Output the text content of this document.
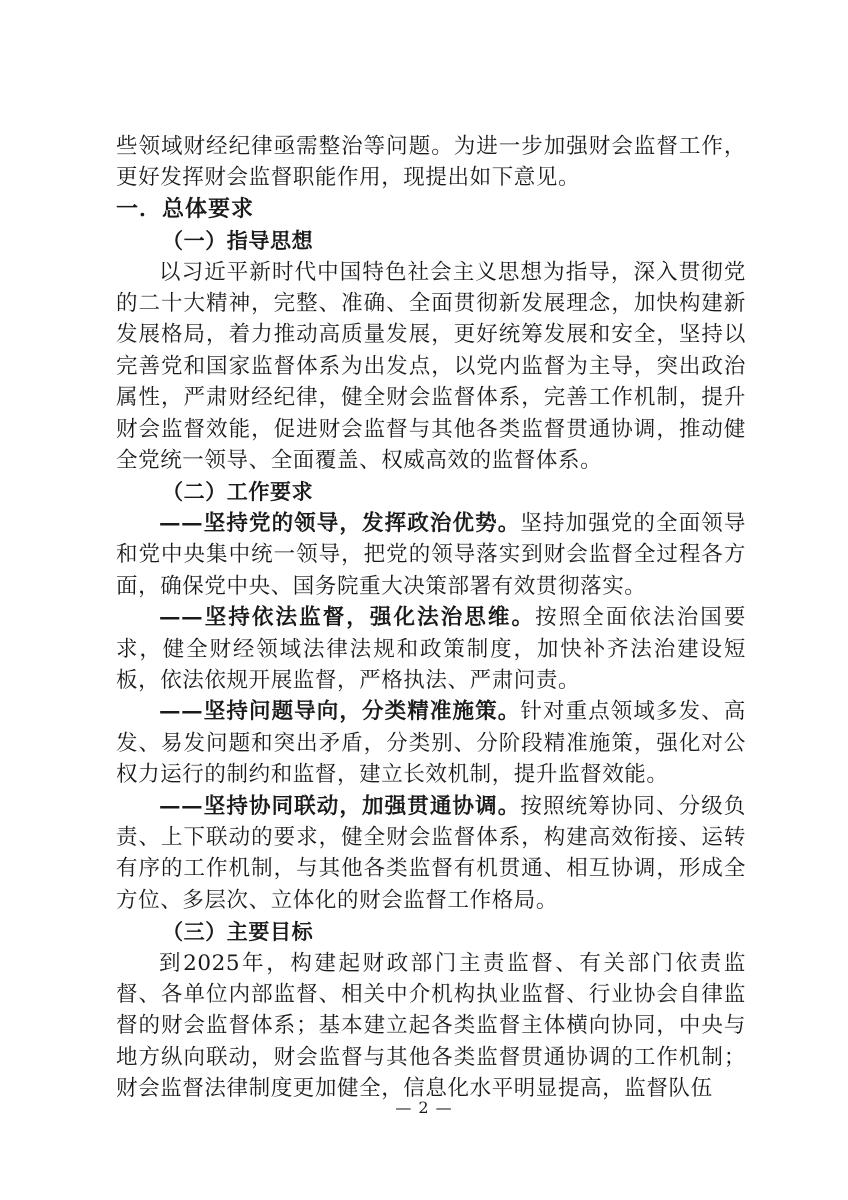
些领域财经纪律亟需整治等问题。为进一步加强财会监督工作，更好发挥财会监督职能作用，现提出如下意见。

一．总体要求

（一）指导思想

以习近平新时代中国特色社会主义思想为指导，深入贯彻党的二十大精神，完整、准确、全面贯彻新发展理念，加快构建新发展格局，着力推动高质量发展，更好统筹发展和安全，坚持以完善党和国家监督体系为出发点，以党内监督为主导，突出政治属性，严肃财经纪律，健全财会监督体系，完善工作机制，提升财会监督效能，促进财会监督与其他各类监督贯通协调，推动健全党统一领导、全面覆盖、权威高效的监督体系。

（二）工作要求

——坚持党的领导，发挥政治优势。坚持加强党的全面领导和党中央集中统一领导，把党的领导落实到财会监督全过程各方面，确保党中央、国务院重大决策部署有效贯彻落实。

——坚持依法监督，强化法治思维。按照全面依法治国要求，健全财经领域法律法规和政策制度，加快补齐法治建设短板，依法依规开展监督，严格执法、严肃问责。

——坚持问题导向，分类精准施策。针对重点领域多发、高发、易发问题和突出矛盾，分类别、分阶段精准施策，强化对公权力运行的制约和监督，建立长效机制，提升监督效能。

——坚持协同联动，加强贯通协调。按照统筹协同、分级负责、上下联动的要求，健全财会监督体系，构建高效衔接、运转有序的工作机制，与其他各类监督有机贯通、相互协调，形成全方位、多层次、立体化的财会监督工作格局。

（三）主要目标

到2025年，构建起财政部门主责监督、有关部门依责监督、各单位内部监督、相关中介机构执业监督、行业协会自律监督的财会监督体系；基本建立起各类监督主体横向协同，中央与地方纵向联动，财会监督与其他各类监督贯通协调的工作机制；财会监督法律制度更加健全，信息化水平明显提高，监督队伍

— 2 —
